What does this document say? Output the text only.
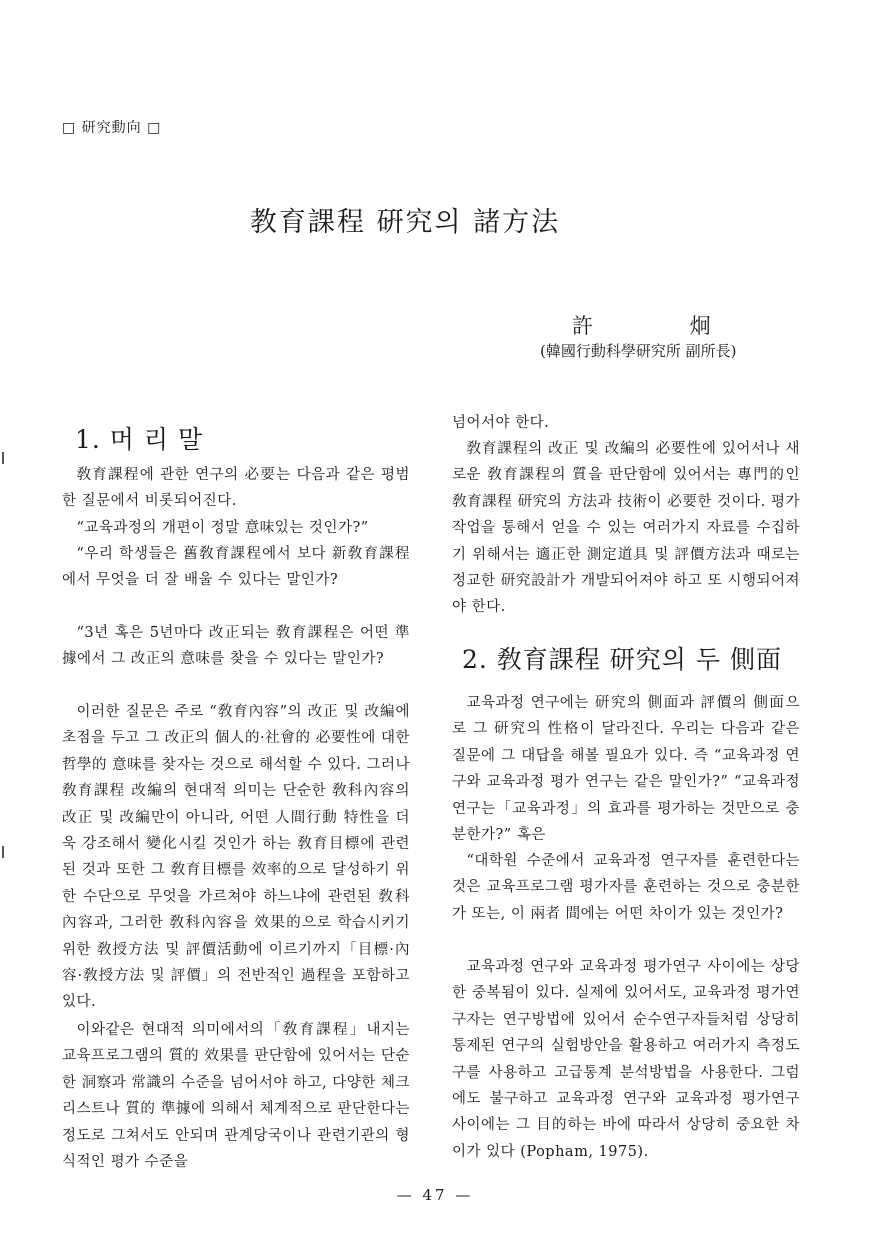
□ 研究動向 □
教育課程 硏究의 諸方法
許 炯
(韓國行動科學研究所 副所長)
1. 머 리 말

敎育課程에 관한 연구의 必要는 다음과 같은 평범한 질문에서 비롯되어진다.

“교육과정의 개편이 정말 意味있는 것인가?”

“우리 학생들은 舊敎育課程에서 보다 新敎育課程에서 무엇을 더 잘 배울 수 있다는 말인가?

“3년 혹은 5년마다 改正되는 敎育課程은 어떤 準據에서 그 改正의 意味를 찾을 수 있다는 말인가?

이러한 질문은 주로 “敎育內容”의 改正 및 改編에 초점을 두고 그 改正의 個人的·社會的 必要性에 대한 哲學的 意味를 찾자는 것으로 해석할 수 있다. 그러나 敎育課程 改編의 현대적 의미는 단순한 敎科內容의 改正 및 改編만이 아니라, 어떤 人間行動 特性을 더욱 강조해서 變化시킬 것인가 하는 敎育目標에 관련된 것과 또한 그 敎育目標를 效率的으로 달성하기 위한 수단으로 무엇을 가르쳐야 하느냐에 관련된 敎科內容과, 그러한 敎科內容을 效果的으로 학습시키기 위한 敎授方法 및 評價活動에 이르기까지「目標·內容·敎授方法 및 評價」의 전반적인 過程을 포함하고 있다.

이와같은 현대적 의미에서의「敎育課程」내지는 교육프로그램의 質的 效果를 판단함에 있어서는 단순한 洞察과 常識의 수준을 넘어서야 하고, 다양한 체크리스트나 質的 準據에 의해서 체계적으로 판단한다는 정도로 그쳐서도 안되며 관계당국이나 관련기관의 형식적인 평가 수준을

넘어서야 한다.

敎育課程의 改正 및 改編의 必要性에 있어서나 새로운 敎育課程의 質을 판단함에 있어서는 專門的인 敎育課程 研究의 方法과 技術이 必要한 것이다. 평가작업을 통해서 얻을 수 있는 여러가지 자료를 수집하기 위해서는 適正한 測定道具 및 評價方法과 때로는 정교한 研究設計가 개발되어져야 하고 또 시행되어져야 한다.

2. 敎育課程 研究의 두 側面

교육과정 연구에는 研究의 側面과 評價의 側面으로 그 研究의 性格이 달라진다. 우리는 다음과 같은 질문에 그 대답을 해볼 필요가 있다. 즉 “교육과정 연구와 교육과정 평가 연구는 같은 말인가?” “교육과정 연구는「교육과정」의 효과를 평가하는 것만으로 충분한가?” 혹은

“대학원 수준에서 교육과정 연구자를 훈련한다는 것은 교육프로그램 평가자를 훈련하는 것으로 충분한가 또는, 이 兩者 間에는 어떤 차이가 있는 것인가?

교육과정 연구와 교육과정 평가연구 사이에는 상당한 중복됨이 있다. 실제에 있어서도, 교육과정 평가연구자는 연구방법에 있어서 순수연구자들처럼 상당히 통제된 연구의 실험방안을 활용하고 여러가지 측정도구를 사용하고 고급통계 분석방법을 사용한다. 그럼에도 불구하고 교육과정 연구와 교육과정 평가연구 사이에는 그 目的하는 바에 따라서 상당히 중요한 차이가 있다 (Popham, 1975).

— 47 —
